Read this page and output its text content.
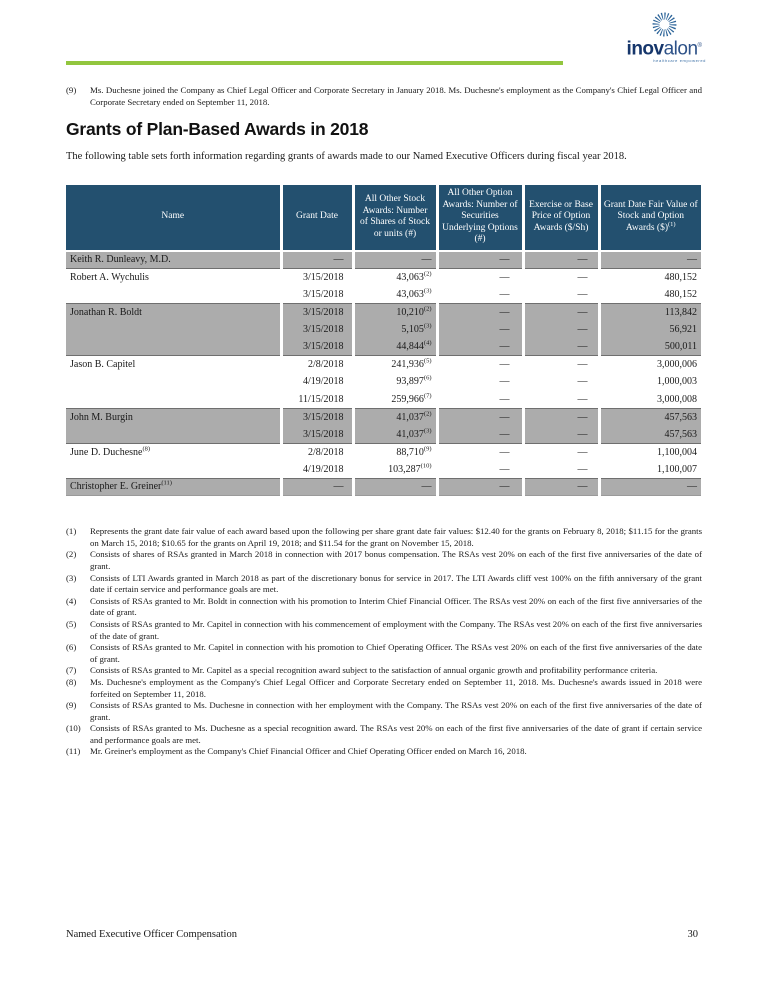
inovalon®
healthcare empowered
(9)	Ms. Duchesne joined the Company as Chief Legal Officer and Corporate Secretary in January 2018. Ms. Duchesne's employment as the Company's Chief Legal Officer and Corporate Secretary ended on September 11, 2018.
Grants of Plan-Based Awards in 2018

The following table sets forth information regarding grants of awards made to our Named Executive Officers during fiscal year 2018.

Name	Grant Date	All Other Stock Awards: Number of Shares of Stock or units (#)	All Other Option Awards: Number of Securities Underlying Options (#)	Exercise or Base Price of Option Awards ($/Sh)	Grant Date Fair Value of Stock and Option Awards ($)$^{(1)}$
Keith R. Dunleavy, M.D.	—	—	—	—	—
Robert A. Wychulis	3/15/2018	43,063$^{(2)}$	—	—	480,152
	3/15/2018	43,063$^{(3)}$	—	—	480,152
Jonathan R. Boldt	3/15/2018	10,210$^{(2)}$	—	—	113,842
	3/15/2018	5,105$^{(3)}$	—	—	56,921
	3/15/2018	44,844$^{(4)}$	—	—	500,011
Jason B. Capitel	2/8/2018	241,936$^{(5)}$	—	—	3,000,006
	4/19/2018	93,897$^{(6)}$	—	—	1,000,003
	11/15/2018	259,966$^{(7)}$	—	—	3,000,008
John M. Burgin	3/15/2018	41,037$^{(2)}$	—	—	457,563
	3/15/2018	41,037$^{(3)}$	—	—	457,563
June D. Duchesne$^{(8)}$	2/8/2018	88,710$^{(9)}$	—	—	1,100,004
	4/19/2018	103,287$^{(10)}$	—	—	1,100,007
Christopher E. Greiner$^{(11)}$	—	—	—	—	—
(1)	Represents the grant date fair value of each award based upon the following per share grant date fair values: $12.40 for the grants on February 8, 2018; $11.15 for the grants on March 15, 2018; $10.65 for the grants on April 19, 2018; and $11.54 for the grant on November 15, 2018.
(2)	Consists of shares of RSAs granted in March 2018 in connection with 2017 bonus compensation. The RSAs vest 20% on each of the first five anniversaries of the date of grant.
(3)	Consists of LTI Awards granted in March 2018 as part of the discretionary bonus for service in 2017. The LTI Awards cliff vest 100% on the fifth anniversary of the grant date if certain service and performance goals are met.
(4)	Consists of RSAs granted to Mr. Boldt in connection with his promotion to Interim Chief Financial Officer. The RSAs vest 20% on each of the first five anniversaries of the date of grant.
(5)	Consists of RSAs granted to Mr. Capitel in connection with his commencement of employment with the Company. The RSAs vest 20% on each of the first five anniversaries of the date of grant.
(6)	Consists of RSAs granted to Mr. Capitel in connection with his promotion to Chief Operating Officer. The RSAs vest 20% on each of the first five anniversaries of the date of grant.
(7)	Consists of RSAs granted to Mr. Capitel as a special recognition award subject to the satisfaction of annual organic growth and profitability performance criteria.
(8)	Ms. Duchesne's employment as the Company's Chief Legal Officer and Corporate Secretary ended on September 11, 2018. Ms. Duchesne's awards issued in 2018 were forfeited on September 11, 2018.
(9)	Consists of RSAs granted to Ms. Duchesne in connection with her employment with the Company. The RSAs vest 20% on each of the first five anniversaries of the date of grant.
(10)	Consists of RSAs granted to Ms. Duchesne as a special recognition award. The RSAs vest 20% on each of the first five anniversaries of the date of grant if certain service and performance goals are met.
(11)	Mr. Greiner's employment as the Company's Chief Financial Officer and Chief Operating Officer ended on March 16, 2018.
Named Executive Officer Compensation	30
